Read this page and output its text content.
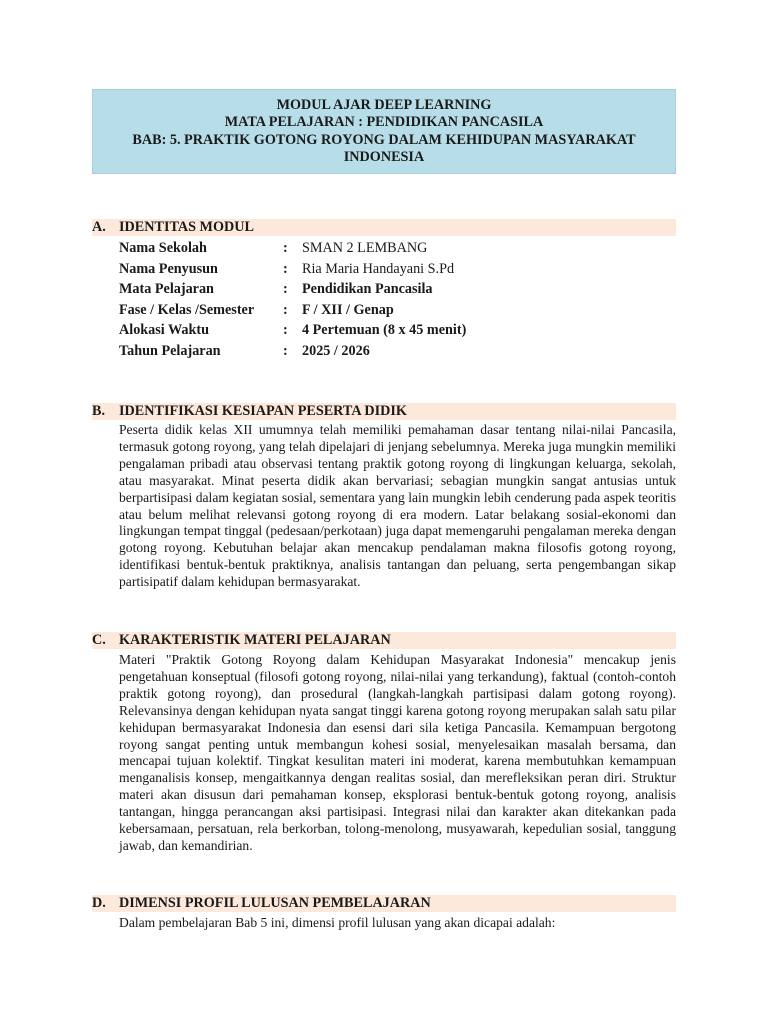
MODUL AJAR DEEP LEARNING
MATA PELAJARAN : PENDIDIKAN PANCASILA
BAB: 5. PRAKTIK GOTONG ROYONG DALAM KEHIDUPAN MASYARAKAT INDONESIA
A. IDENTITAS MODUL
Nama Sekolah	: SMAN 2 LEMBANG
Nama Penyusun	: Ria Maria Handayani S.Pd
Mata Pelajaran	: Pendidikan Pancasila
Fase / Kelas /Semester : F / XII / Genap
Alokasi Waktu	: 4 Pertemuan (8 x 45 menit)
Tahun Pelajaran	: 2025 / 2026
B. IDENTIFIKASI KESIAPAN PESERTA DIDIK

Peserta didik kelas XII umumnya telah memiliki pemahaman dasar tentang nilai-nilai Pancasila, termasuk gotong royong, yang telah dipelajari di jenjang sebelumnya. Mereka juga mungkin memiliki pengalaman pribadi atau observasi tentang praktik gotong royong di lingkungan keluarga, sekolah, atau masyarakat. Minat peserta didik akan bervariasi; sebagian mungkin sangat antusias untuk berpartisipasi dalam kegiatan sosial, sementara yang lain mungkin lebih cenderung pada aspek teoritis atau belum melihat relevansi gotong royong di era modern. Latar belakang sosial-ekonomi dan lingkungan tempat tinggal (pedesaan/perkotaan) juga dapat memengaruhi pengalaman mereka dengan gotong royong. Kebutuhan belajar akan mencakup pendalaman makna filosofis gotong royong, identifikasi bentuk-bentuk praktiknya, analisis tantangan dan peluang, serta pengembangan sikap partisipatif dalam kehidupan bermasyarakat.

C. KARAKTERISTIK MATERI PELAJARAN

Materi "Praktik Gotong Royong dalam Kehidupan Masyarakat Indonesia" mencakup jenis pengetahuan konseptual (filosofi gotong royong, nilai-nilai yang terkandung), faktual (contoh-contoh praktik gotong royong), dan prosedural (langkah-langkah partisipasi dalam gotong royong). Relevansinya dengan kehidupan nyata sangat tinggi karena gotong royong merupakan salah satu pilar kehidupan bermasyarakat Indonesia dan esensi dari sila ketiga Pancasila. Kemampuan bergotong royong sangat penting untuk membangun kohesi sosial, menyelesaikan masalah bersama, dan mencapai tujuan kolektif. Tingkat kesulitan materi ini moderat, karena membutuhkan kemampuan menganalisis konsep, mengaitkannya dengan realitas sosial, dan merefleksikan peran diri. Struktur materi akan disusun dari pemahaman konsep, eksplorasi bentuk-bentuk gotong royong, analisis tantangan, hingga perancangan aksi partisipasi. Integrasi nilai dan karakter akan ditekankan pada kebersamaan, persatuan, rela berkorban, tolong-menolong, musyawarah, kepedulian sosial, tanggung jawab, dan kemandirian.

D. DIMENSI PROFIL LULUSAN PEMBELAJARAN

Dalam pembelajaran Bab 5 ini, dimensi profil lulusan yang akan dicapai adalah:
